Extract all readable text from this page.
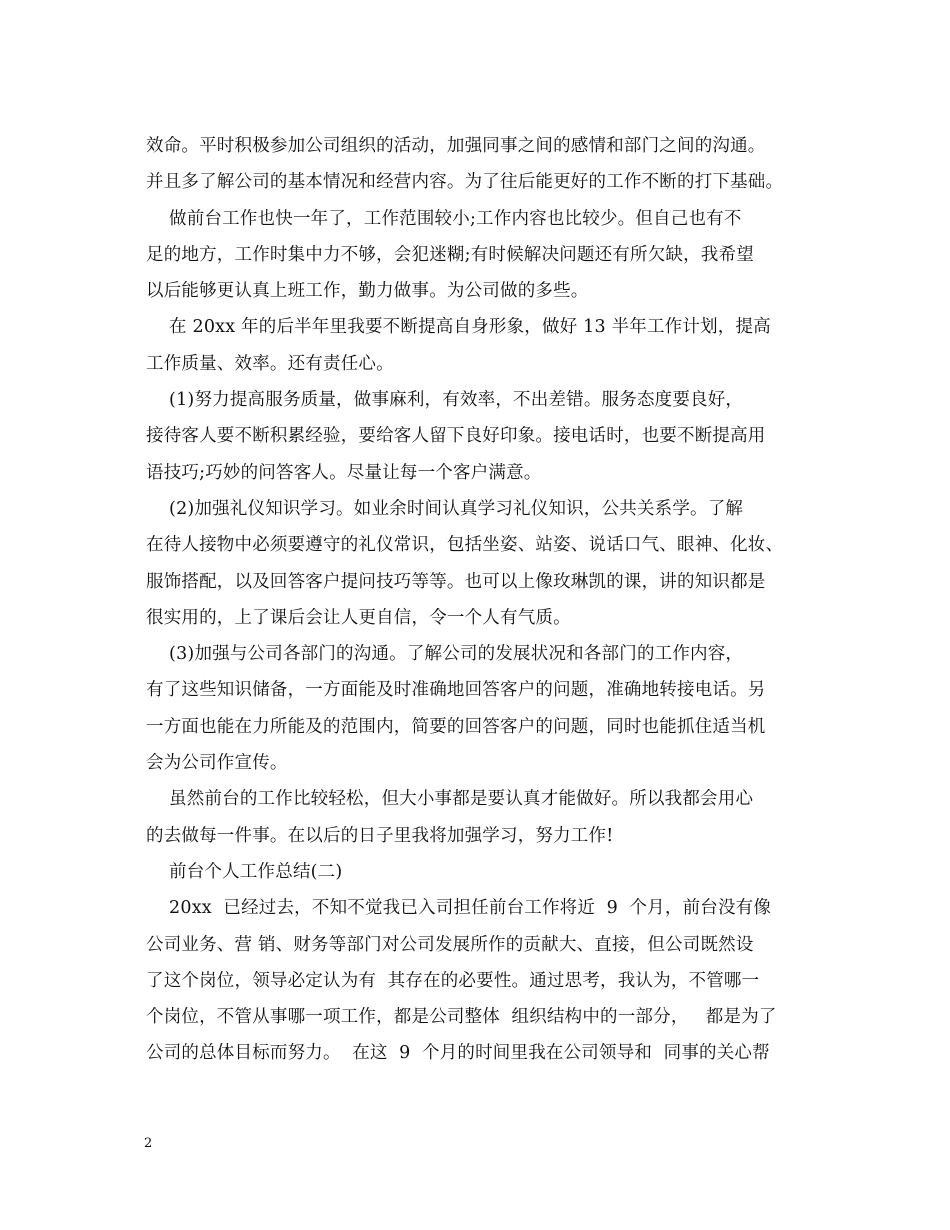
效命。平时积极参加公司组织的活动，加强同事之间的感情和部门之间的沟通。
并且多了解公司的基本情况和经营内容。为了往后能更好的工作不断的打下基础。
做前台工作也快一年了，工作范围较小;工作内容也比较少。但自己也有不
足的地方，工作时集中力不够，会犯迷糊;有时候解决问题还有所欠缺，我希望
以后能够更认真上班工作，勤力做事。为公司做的多些。
在 20xx 年的后半年里我要不断提高自身形象，做好 13 半年工作计划，提高
工作质量、效率。还有责任心。
(1)努力提高服务质量，做事麻利，有效率，不出差错。服务态度要良好，
接待客人要不断积累经验，要给客人留下良好印象。接电话时，也要不断提高用
语技巧;巧妙的问答客人。尽量让每一个客户满意。
(2)加强礼仪知识学习。如业余时间认真学习礼仪知识，公共关系学。了解
在待人接物中必须要遵守的礼仪常识，包括坐姿、站姿、说话口气、眼神、化妆、
服饰搭配，以及回答客户提问技巧等等。也可以上像玫琳凯的课，讲的知识都是
很实用的，上了课后会让人更自信，令一个人有气质。
(3)加强与公司各部门的沟通。了解公司的发展状况和各部门的工作内容，
有了这些知识储备，一方面能及时准确地回答客户的问题，准确地转接电话。另
一方面也能在力所能及的范围内，简要的回答客户的问题，同时也能抓住适当机
会为公司作宣传。
虽然前台的工作比较轻松，但大小事都是要认真才能做好。所以我都会用心
的去做每一件事。在以后的日子里我将加强学习，努力工作!
前台个人工作总结(二)
20xx  已经过去，不知不觉我已入司担任前台工作将近  9  个月，前台没有像
公司业务、营 销、财务等部门对公司发展所作的贡献大、直接，但公司既然设
了这个岗位，领导必定认为有  其存在的必要性。通过思考，我认为，不管哪一
个岗位，不管从事哪一项工作，都是公司整体  组织结构中的一部分，   都是为了
公司的总体目标而努力。  在这  9  个月的时间里我在公司领导和  同事的关心帮
2
